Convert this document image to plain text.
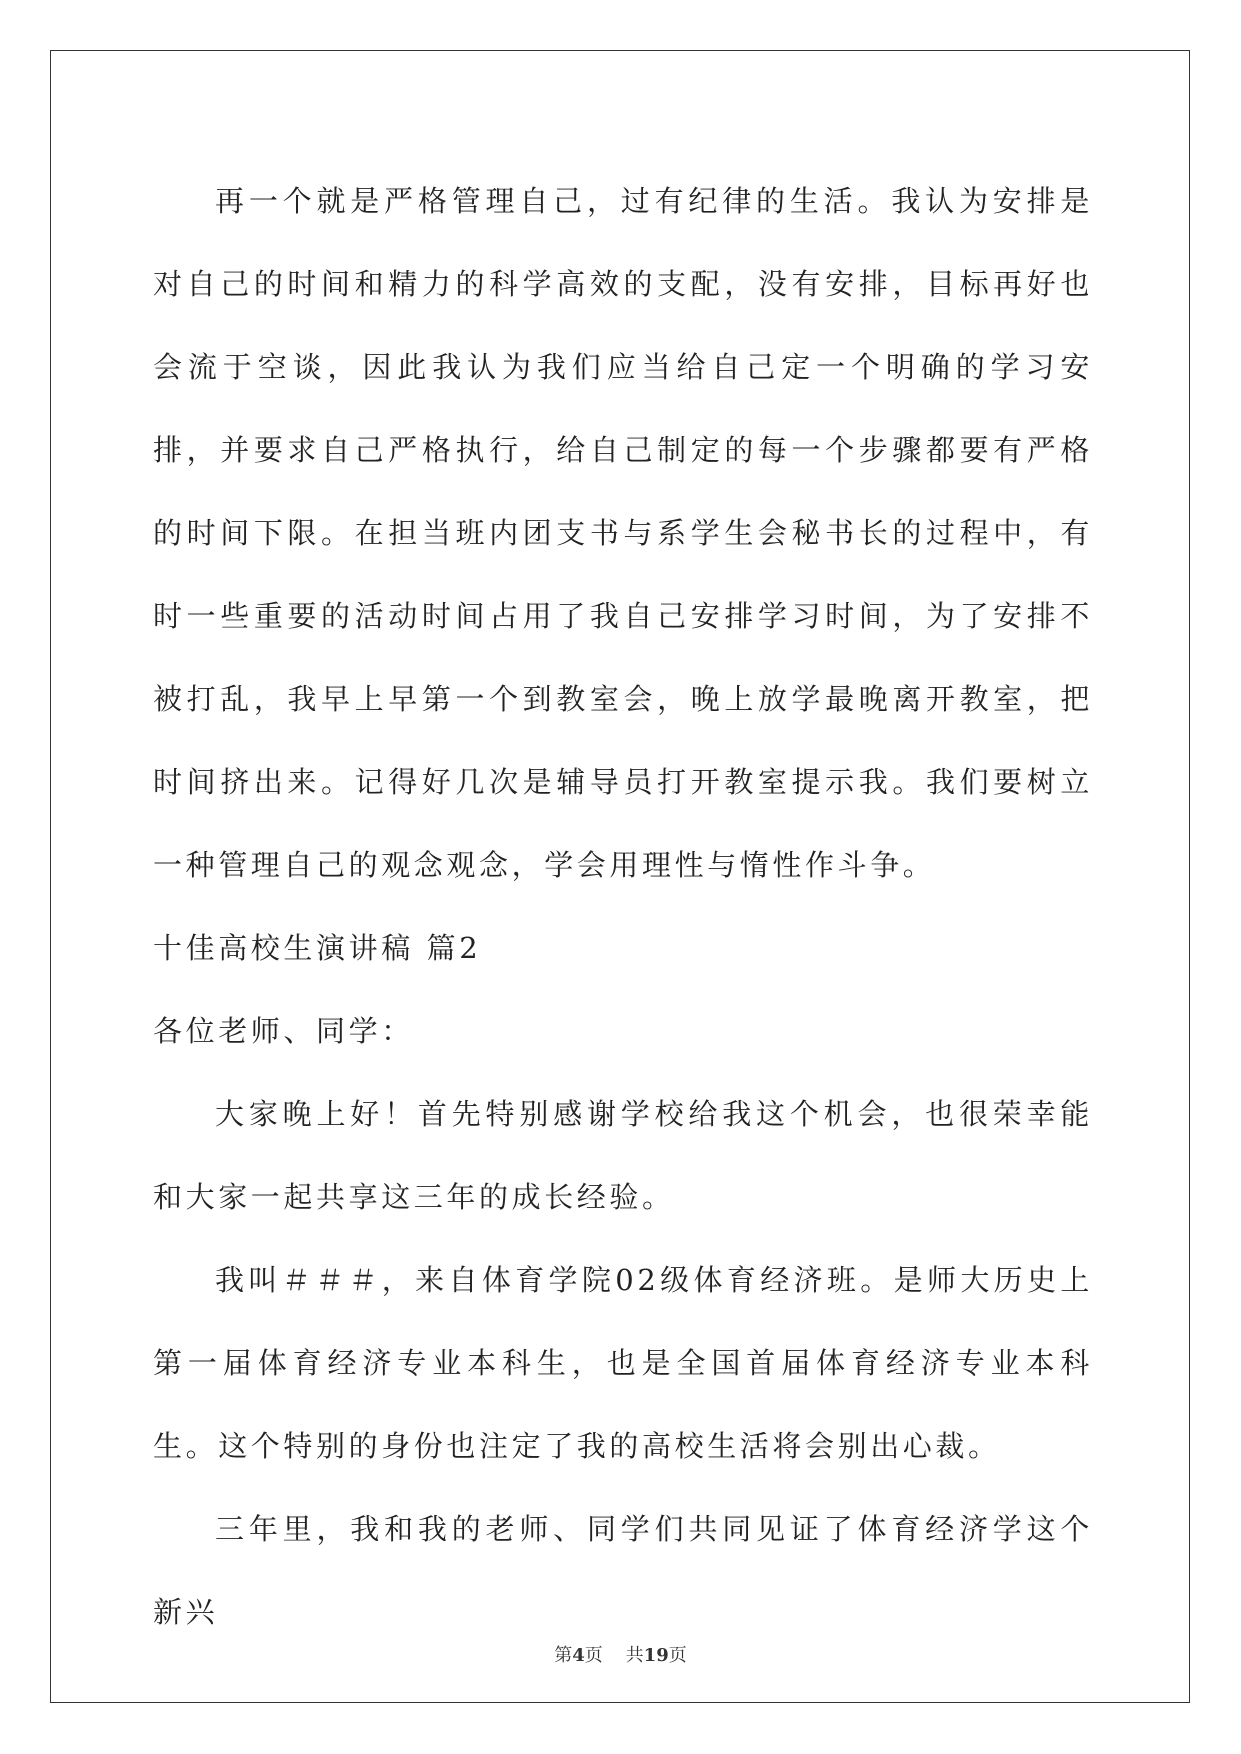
再一个就是严格管理自己，过有纪律的生活。我认为安排是对自己的时间和精力的科学高效的支配，没有安排，目标再好也会流于空谈，因此我认为我们应当给自己定一个明确的学习安排，并要求自己严格执行，给自己制定的每一个步骤都要有严格的时间下限。在担当班内团支书与系学生会秘书长的过程中，有时一些重要的活动时间占用了我自己安排学习时间，为了安排不被打乱，我早上早第一个到教室会，晚上放学最晚离开教室，把时间挤出来。记得好几次是辅导员打开教室提示我。我们要树立一种管理自己的观念观念，学会用理性与惰性作斗争。

十佳高校生演讲稿 篇2

各位老师、同学：

大家晚上好！首先特别感谢学校给我这个机会，也很荣幸能和大家一起共享这三年的成长经验。

我叫＃＃＃，来自体育学院02级体育经济班。是师大历史上第一届体育经济专业本科生，也是全国首届体育经济专业本科生。这个特别的身份也注定了我的高校生活将会别出心裁。

三年里，我和我的老师、同学们共同见证了体育经济学这个新兴

第4页 共19页
